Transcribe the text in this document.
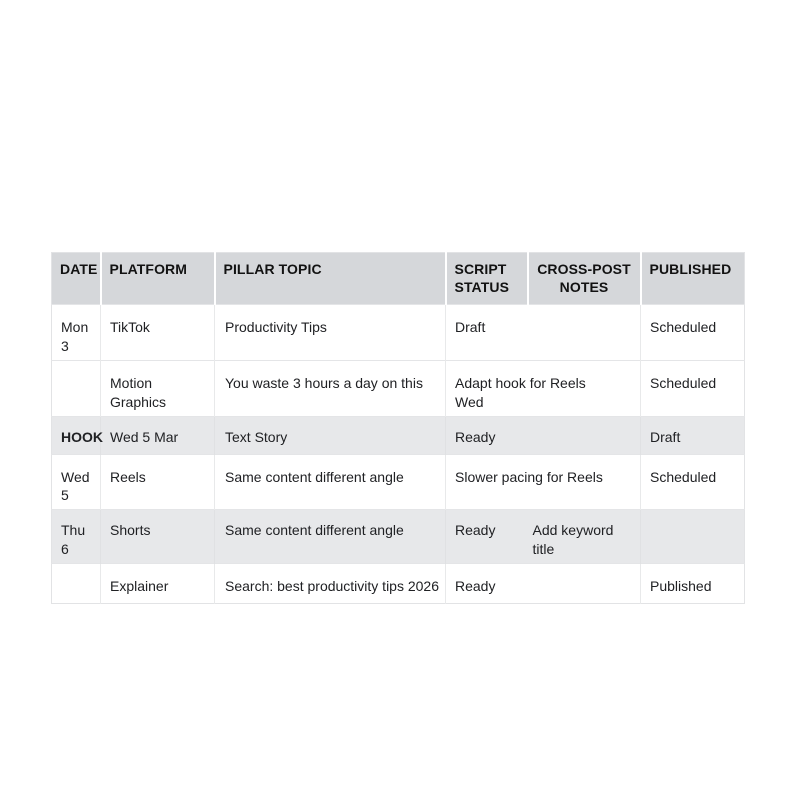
DATE	PLATFORM	PILLAR TOPIC	SCRIPT STATUS	CROSS-POST NOTES	PUBLISHED
Mon 3	TikTok	Productivity Tips	Draft		Scheduled
	Motion Graphics	You waste 3 hours a day on this	Adapt hook for Reels Wed		Scheduled
HOOK	Wed 5 Mar	Text Story	Ready		Draft
Wed 5	Reels	Same content different angle	Slower pacing for Reels		Scheduled
Thu 6	Shorts	Same content different angle	Ready	Add keyword title	
	Explainer	Search: best productivity tips 2026	Ready		Published
